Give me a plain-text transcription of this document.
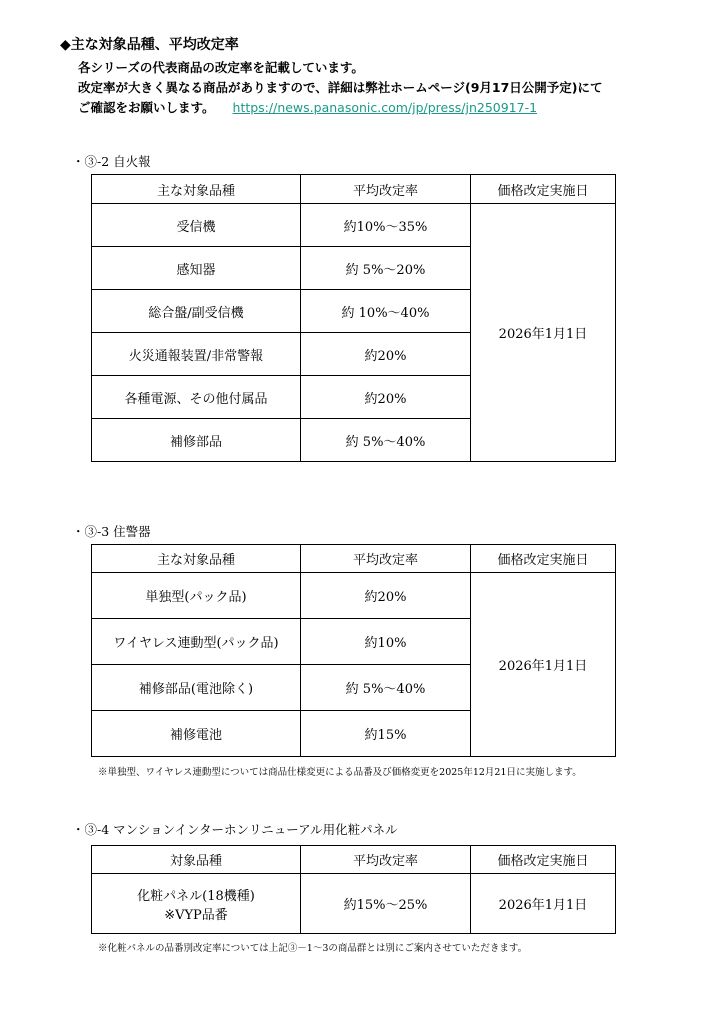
◆主な対象品種、平均改定率
各シリーズの代表商品の改定率を記載しています。
改定率が大きく異なる商品がありますので、詳細は弊社ホームページ(9月17日公開予定)にて
ご確認をお願いします。 https://news.panasonic.com/jp/press/jn250917-1
・③-2 自火報
主な対象品種	平均改定率	価格改定実施日
受信機	約10%～35%	2026年1月1日
感知器	約 5%～20%	
総合盤/副受信機	約 10%～40%	
火災通報装置/非常警報	約20%	
各種電源、その他付属品	約20%	
補修部品	約 5%～40%	
・③-3 住警器
主な対象品種	平均改定率	価格改定実施日
単独型(パック品)	約20%	2026年1月1日
ワイヤレス連動型(パック品)	約10%	
補修部品(電池除く)	約 5%～40%	
補修電池	約15%	
※単独型、ワイヤレス連動型については商品仕様変更による品番及び価格変更を2025年12月21日に実施します。
・③-4 マンションインターホンリニューアル用化粧パネル
対象品種	平均改定率	価格改定実施日

化粧パネル(18機種)
※VYP品番	約15%～25%	2026年1月1日
※化粧パネルの品番別改定率については上記③－1～3の商品群とは別にご案内させていただきます。
